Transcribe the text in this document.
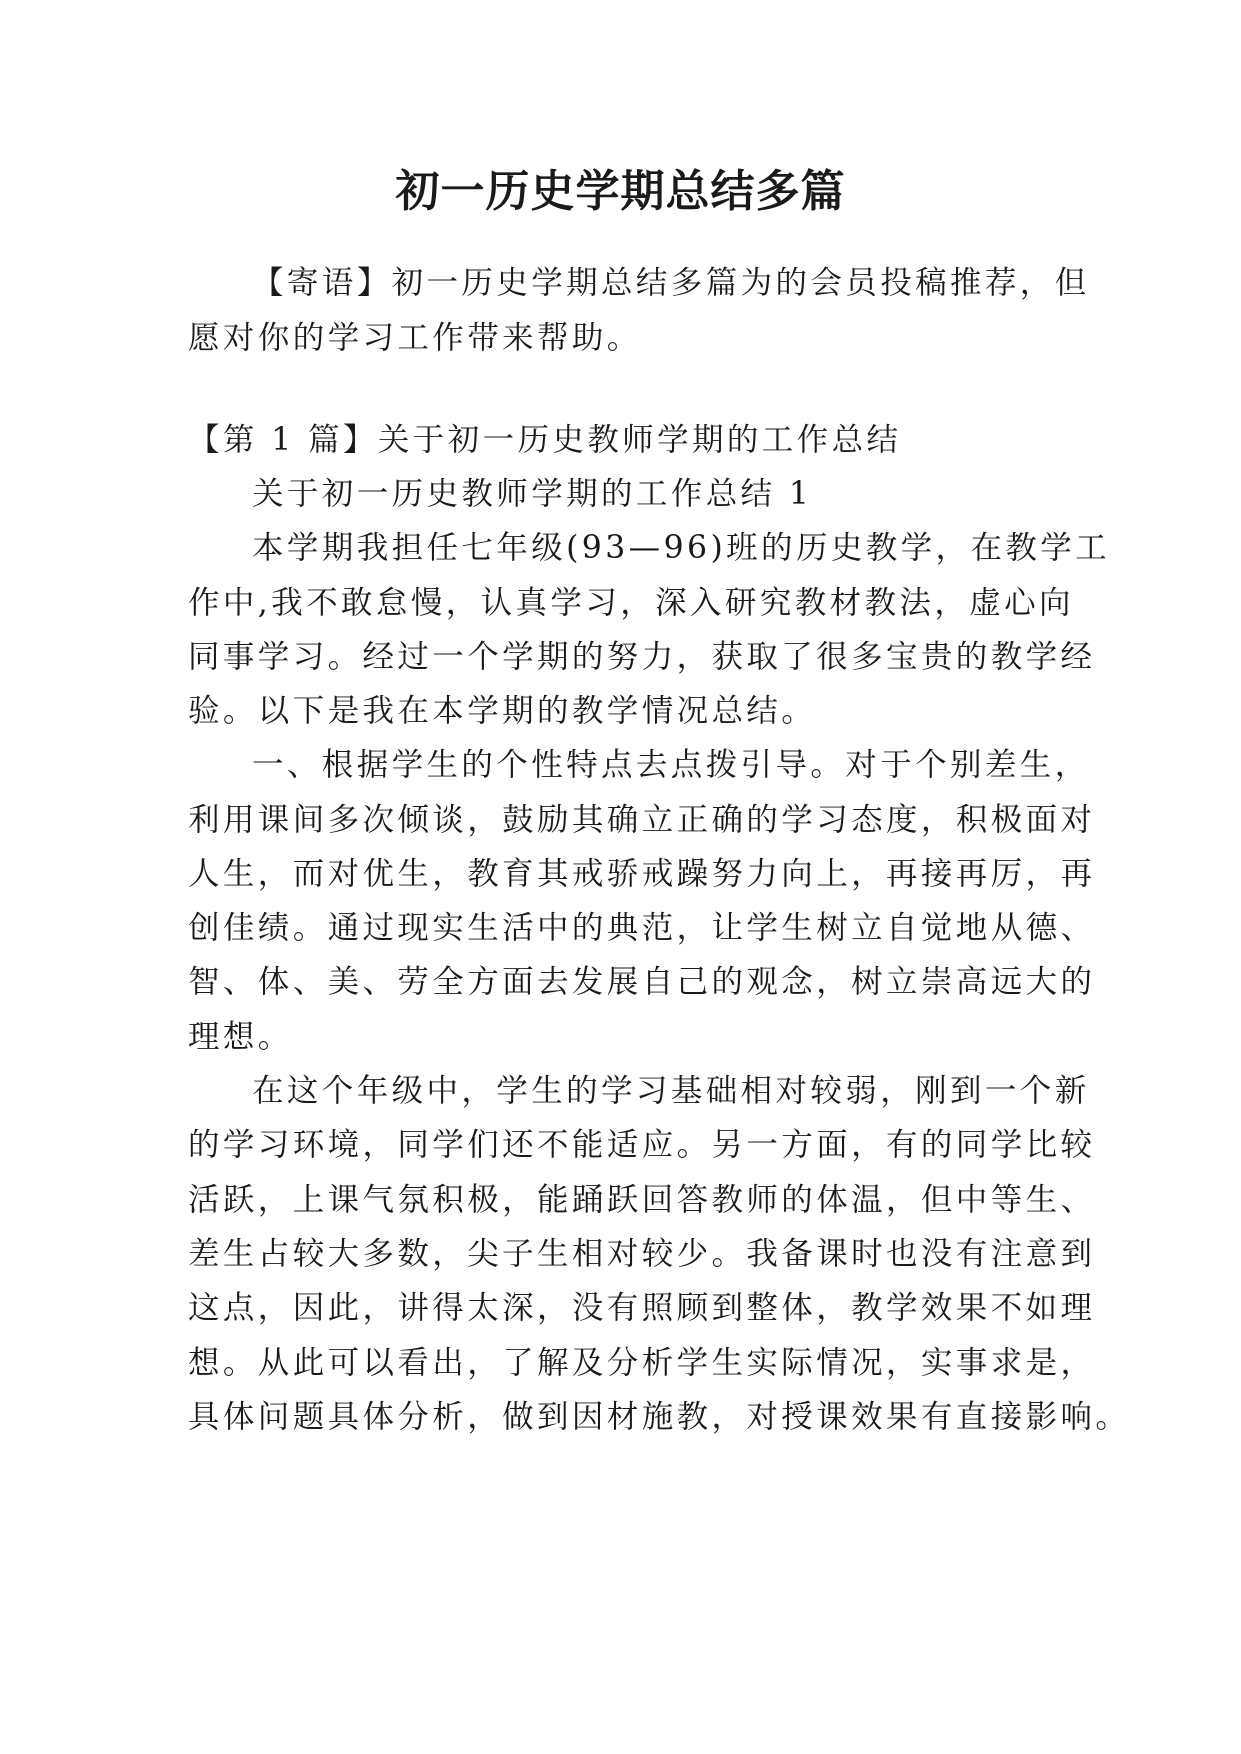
初一历史学期总结多篇
【寄语】初一历史学期总结多篇为的会员投稿推荐，但
愿对你的学习工作带来帮助。
【第 1 篇】关于初一历史教师学期的工作总结
关于初一历史教师学期的工作总结 1
本学期我担任七年级(93—96)班的历史教学，在教学工
作中,我不敢怠慢，认真学习，深入研究教材教法，虚心向
同事学习。经过一个学期的努力，获取了很多宝贵的教学经
验。以下是我在本学期的教学情况总结。
一、根据学生的个性特点去点拨引导。对于个别差生，
利用课间多次倾谈，鼓励其确立正确的学习态度，积极面对
人生，而对优生，教育其戒骄戒躁努力向上，再接再厉，再
创佳绩。通过现实生活中的典范，让学生树立自觉地从德、
智、体、美、劳全方面去发展自己的观念，树立崇高远大的
理想。
在这个年级中，学生的学习基础相对较弱，刚到一个新
的学习环境，同学们还不能适应。另一方面，有的同学比较
活跃，上课气氛积极，能踊跃回答教师的体温，但中等生、
差生占较大多数，尖子生相对较少。我备课时也没有注意到
这点，因此，讲得太深，没有照顾到整体，教学效果不如理
想。从此可以看出，了解及分析学生实际情况，实事求是，
具体问题具体分析，做到因材施教，对授课效果有直接影响。
